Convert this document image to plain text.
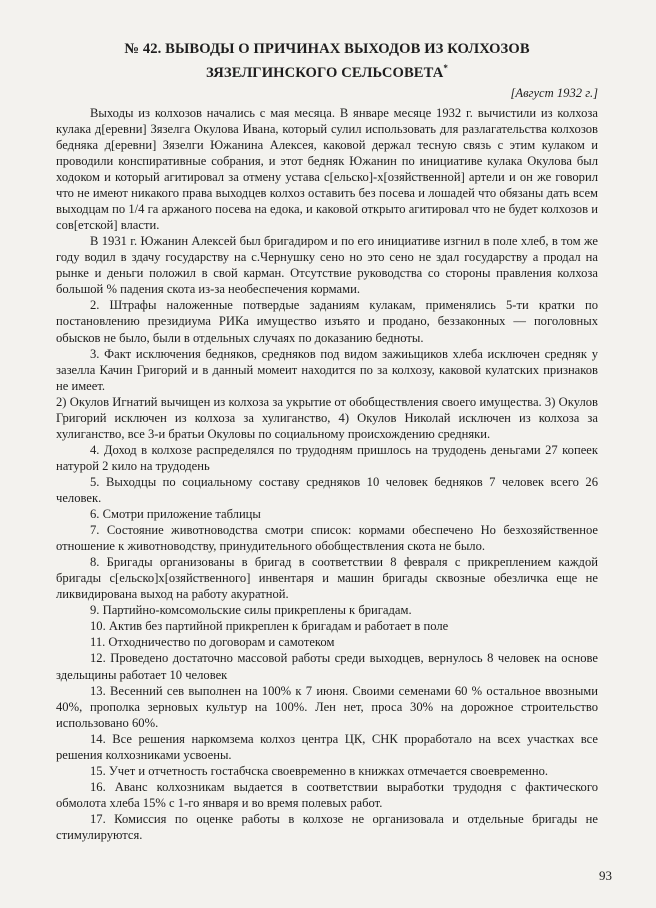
№ 42. ВЫВОДЫ О ПРИЧИНАХ ВЫХОДОВ ИЗ КОЛХОЗОВ
ЗЯЗЕЛГИНСКОГО СЕЛЬСОВЕТА*

[Август 1932 г.]

Выходы из колхозов начались с мая месяца. В январе месяце 1932 г. вычистили из колхоза кулака д[еревни] Зязелга Окулова Ивана, который сулил использовать для разлагательства колхозов бедняка д[еревни] Зязелги Южанина Алексея, каковой держал тесную связь с этим кулаком и проводили конспиративные собрания, и этот бедняк Южанин по инициативе кулака Окулова был ходоком и который агитировал за отмену устава с[ельско]-х[озяйственной] артели и он же говорил что не имеют никакого права выходцев колхоз оставить без посева и лошадей что обязаны дать всем выходцам по 1/4 га аржаного посева на едока, и каковой открыто агитировал что не будет колхозов и сов[етской] власти.

В 1931 г. Южанин Алексей был бригадиром и по его инициативе изгнил в поле хлеб, в том же году водил в здачу государству на с.Чернушку сено но это сено не здал государству а продал на рынке и деньги положил в свой карман. Отсутствие руководства со стороны правления колхоза большой % падения скота из-за необеспечения кормами.

2. Штрафы наложенные потвердые заданиям кулакам, применялись 5-ти кратки по постановлению президиума РИКа имущество изъято и продано, беззаконных — поголовных обысков не было, были в отдельных случаях по доказанию бедноты.

3. Факт исключения бедняков, средняков под видом зажиьщиков хлеба исключен средняк у зазелла Качин Григорий и в данный момеит находится по за колхозу, каковой кулатских признаков не имеет.

2) Окулов Игнатий вычищен из колхоза за укрытие от обобществления своего имущества. 3) Окулов Григорий исключен из колхоза за хулиганство, 4) Окулов Николай исключен из колхоза за хулиганство, все 3-и братьи Окуловы по социальному происхождению средняки.

4. Доход в колхозе распределялся по трудодням пришлось на трудодень деньгами 27 копеек натурой 2 кило на трудодень

5. Выходцы по социальному составу средняков 10 человек бедняков 7 человек всего 26 человек.

6. Смотри приложение таблицы

7. Состояние животноводства смотри список: кормами обеспечено Но безхозяйственное отношение к животноводству, принудительного обобществления скота не было.

8. Бригады организованы в бригад в соответствии 8 февраля с прикреплением каждой бригады с[ельско]х[озяйственного] инвентаря и машин бригады сквозные обезличка еще не ликвидирована выход на работу акуратной.

9. Партийно-комсомольские силы прикреплены к бригадам.

10. Актив без партийной прикреплен к бригадам и работает в поле

11. Отходничество по договорам и самотеком

12. Проведено достаточно массовой работы среди выходцев, вернулось 8 человек на основе здельщины работает 10 человек

13. Весенний сев выполнен на 100% к 7 июня. Своими семенами 60 % остальное ввозными 40%, прополка зерновых культур на 100%. Лен нет, проса 30% на дорожное строительство использовано 60%.

14. Все решения наркомзема колхоз центра ЦК, СНК проработало на всех участках все решения колхозниками усвоены.

15. Учет и отчетность гостабчска своевременно в книжках отмечается своевременно.

16. Аванс колхозникам выдается в соответствии выработки трудодня с фактического обмолота хлеба 15% с 1-го января и во время полевых работ.

17. Комиссия по оценке работы в колхозе не организовала и отдельные бригады не стимулируются.

93
